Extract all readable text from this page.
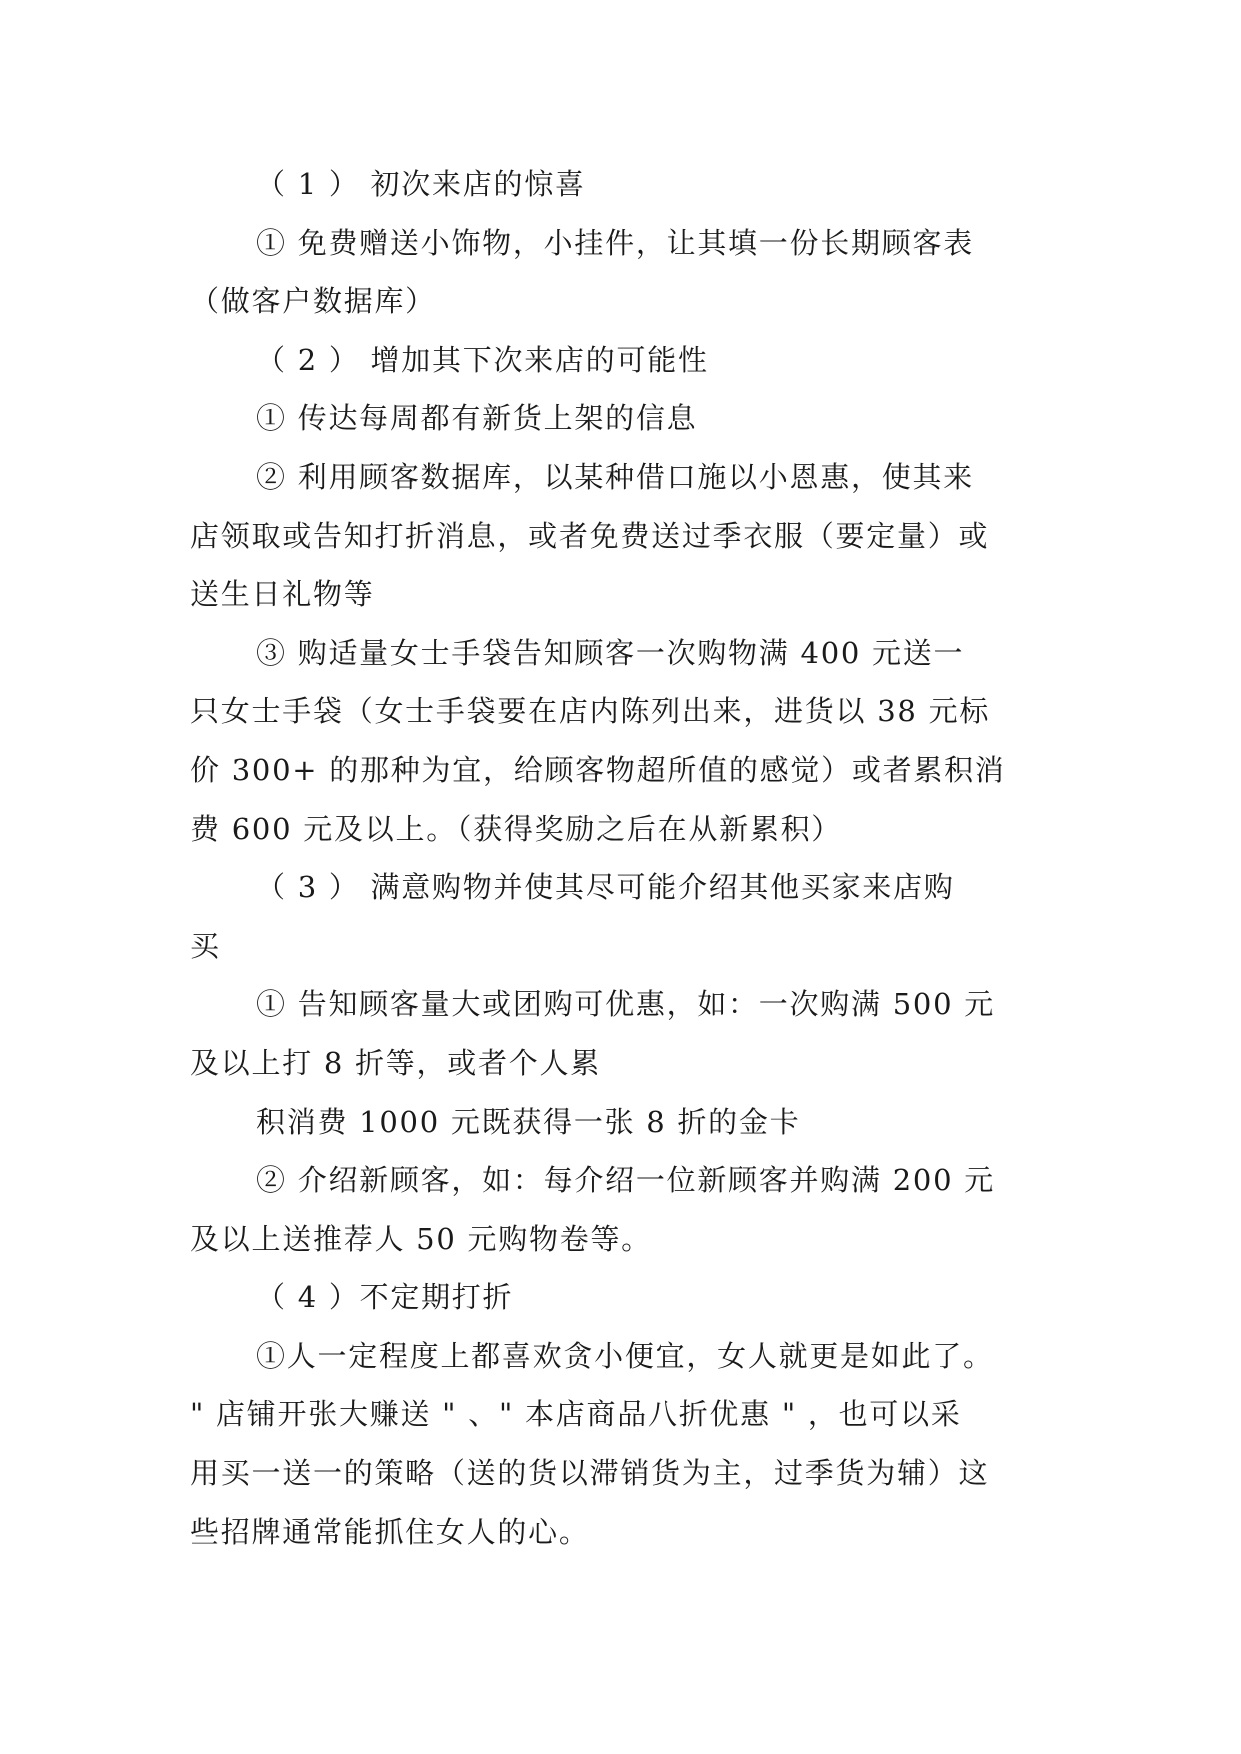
（ 1 ） 初次来店的惊喜

① 免费赠送小饰物，小挂件，让其填一份长期顾客表

（做客户数据库）

（ 2 ） 增加其下次来店的可能性

① 传达每周都有新货上架的信息

② 利用顾客数据库，以某种借口施以小恩惠，使其来

店领取或告知打折消息，或者免费送过季衣服（要定量）或

送生日礼物等

③ 购适量女士手袋告知顾客一次购物满 400 元送一

只女士手袋（女士手袋要在店内陈列出来，进货以 38 元标

价 300+ 的那种为宜，给顾客物超所值的感觉）或者累积消

费 600 元及以上。（获得奖励之后在从新累积）

（ 3 ） 满意购物并使其尽可能介绍其他买家来店购

买

① 告知顾客量大或团购可优惠，如：一次购满 500 元

及以上打 8 折等，或者个人累

积消费 1000 元既获得一张 8 折的金卡

② 介绍新顾客，如：每介绍一位新顾客并购满 200 元

及以上送推荐人 50 元购物卷等。

（ 4 ）不定期打折

①人一定程度上都喜欢贪小便宜，女人就更是如此了。

" 店铺开张大赚送 " 、" 本店商品八折优惠 " ，也可以采

用买一送一的策略（送的货以滞销货为主，过季货为辅）这

些招牌通常能抓住女人的心。
